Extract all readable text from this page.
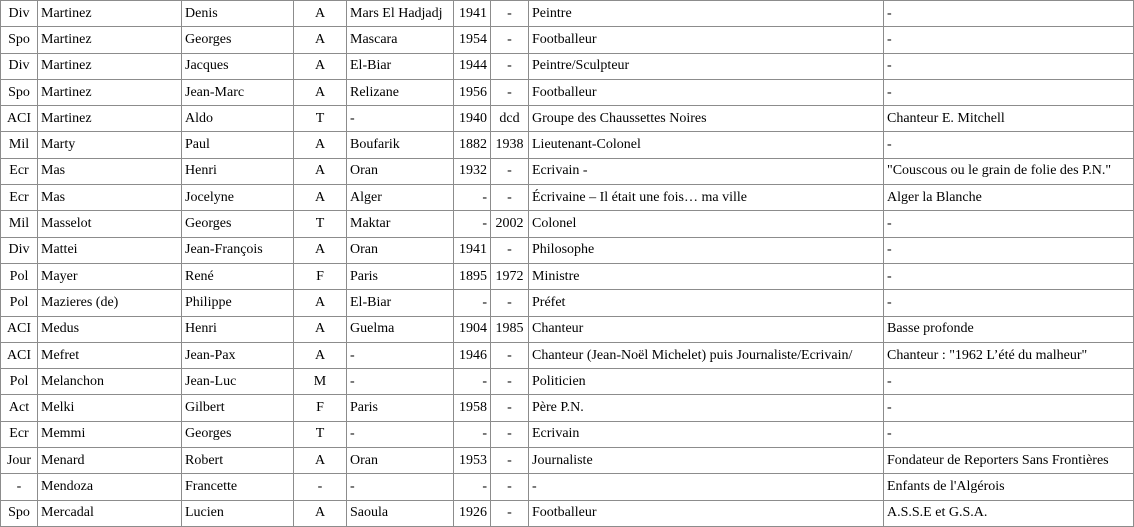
Div	Martinez	Denis	A	Mars El Hadjadj	1941	-	Peintre	-
Spo	Martinez	Georges	A	Mascara	1954	-	Footballeur	-
Div	Martinez	Jacques	A	El-Biar	1944	-	Peintre/Sculpteur	-
Spo	Martinez	Jean-Marc	A	Relizane	1956	-	Footballeur	-
ACI	Martinez	Aldo	T	-	1940	dcd	Groupe des Chaussettes Noires	Chanteur E. Mitchell
Mil	Marty	Paul	A	Boufarik	1882	1938	Lieutenant-Colonel	-
Ecr	Mas	Henri	A	Oran	1932	-	Ecrivain -	"Couscous ou le grain de folie des P.N."
Ecr	Mas	Jocelyne	A	Alger	-	-	Écrivaine – Il était une fois… ma ville	Alger la Blanche
Mil	Masselot	Georges	T	Maktar	-	2002	Colonel	-
Div	Mattei	Jean-François	A	Oran	1941	-	Philosophe	-
Pol	Mayer	René	F	Paris	1895	1972	Ministre	-
Pol	Mazieres (de)	Philippe	A	El-Biar	-	-	Préfet	-
ACI	Medus	Henri	A	Guelma	1904	1985	Chanteur	Basse profonde
ACI	Mefret	Jean-Pax	A	-	1946	-	Chanteur (Jean-Noël Michelet) puis Journaliste/Ecrivain/	Chanteur : "1962 L’été du malheur"
Pol	Melanchon	Jean-Luc	M	-	-	-	Politicien	-
Act	Melki	Gilbert	F	Paris	1958	-	Père P.N.	-
Ecr	Memmi	Georges	T	-	-	-	Ecrivain	-
Jour	Menard	Robert	A	Oran	1953	-	Journaliste	Fondateur de Reporters Sans Frontières
-	Mendoza	Francette	-	-	-	-	-	Enfants de l'Algérois
Spo	Mercadal	Lucien	A	Saoula	1926	-	Footballeur	A.S.S.E et G.S.A.
